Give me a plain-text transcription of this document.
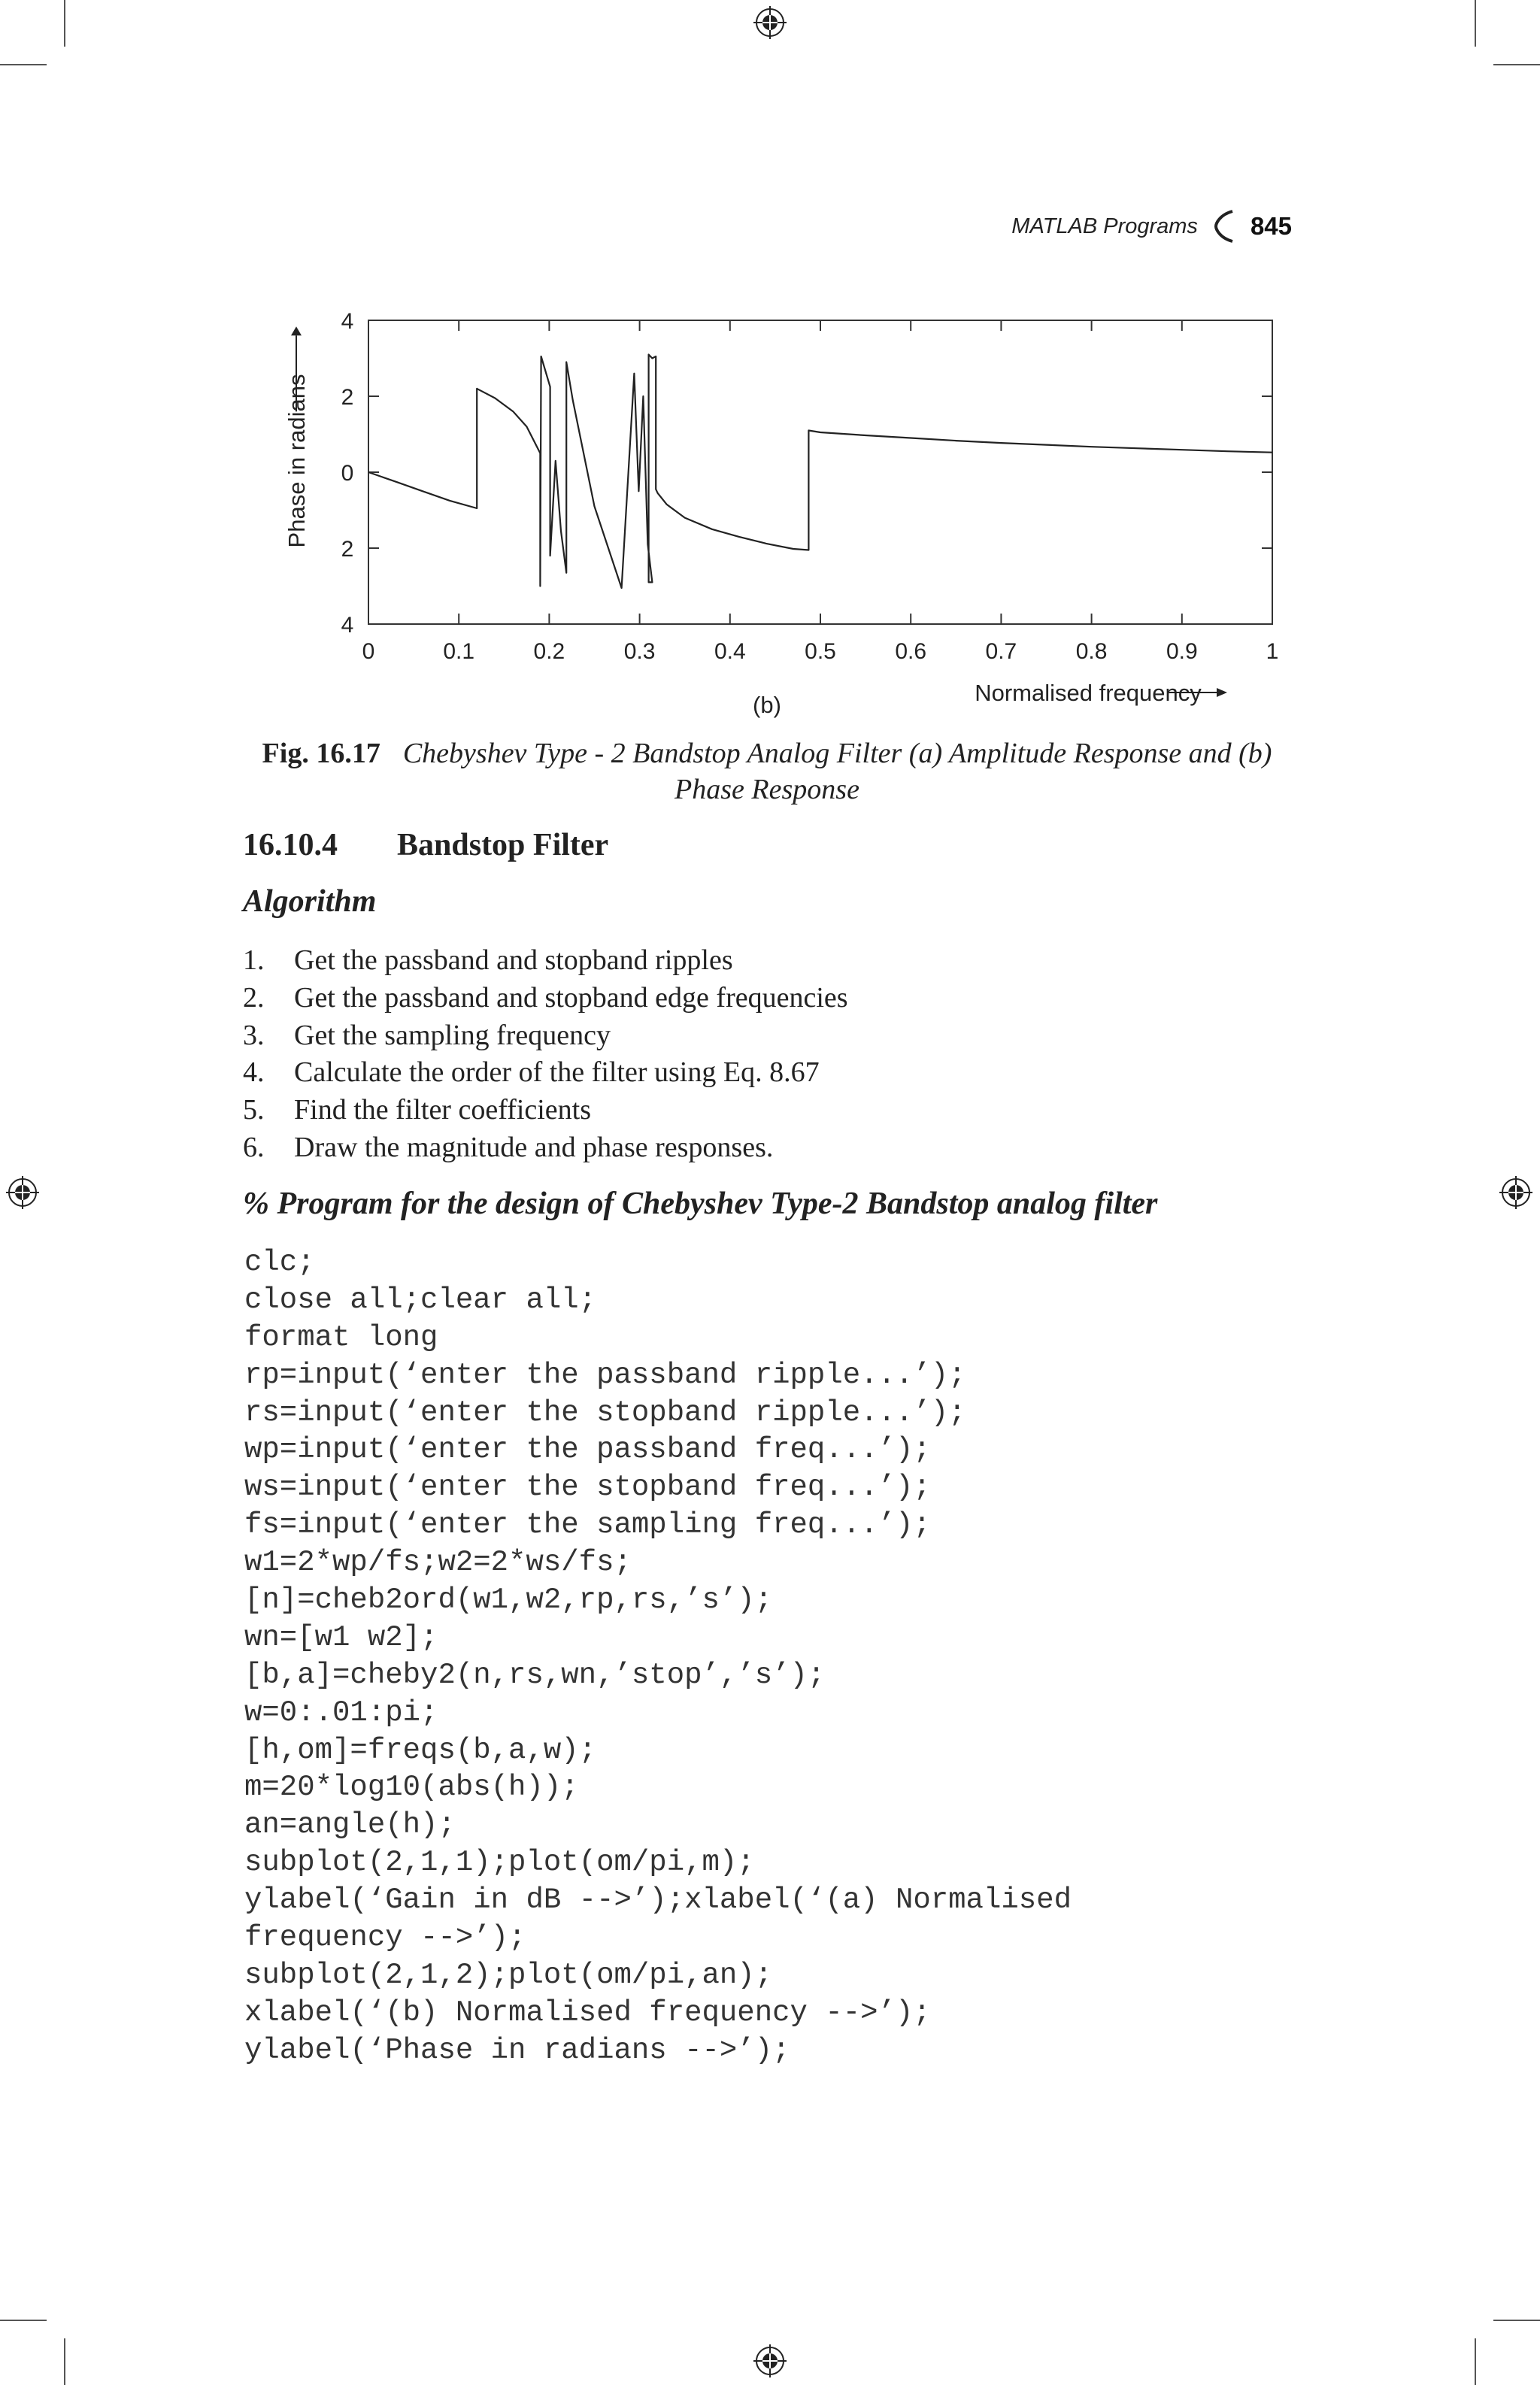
MATLAB Programs 845
0	0.1	0.2	0.3	0.4	0.5	0.6	0.7	0.8	0.9	1
4
2
0
2
4
Phase in radians
(b)	Normalised frequency
Fig. 16.17 Chebyshev Type - 2 Bandstop Analog Filter (a) Amplitude Response and (b) Phase Response
16.10.4 Bandstop Filter
Algorithm
1.	Get the passband and stopband ripples
2.	Get the passband and stopband edge frequencies
3.	Get the sampling frequency
4.	Calculate the order of the filter using Eq. 8.67
5.	Find the filter coefficients
6.	Draw the magnitude and phase responses.
% Program for the design of Chebyshev Type-2 Bandstop analog filter
clc;
close all;clear all;
format long
rp=input(‘enter the passband ripple...’);
rs=input(‘enter the stopband ripple...’);
wp=input(‘enter the passband freq...’);
ws=input(‘enter the stopband freq...’);
fs=input(‘enter the sampling freq...’);
w1=2*wp/fs;w2=2*ws/fs;
[n]=cheb2ord(w1,w2,rp,rs,’s’);
wn=[w1 w2];
[b,a]=cheby2(n,rs,wn,’stop’,’s’);
w=0:.01:pi;
[h,om]=freqs(b,a,w);
m=20*log10(abs(h));
an=angle(h);
subplot(2,1,1);plot(om/pi,m);
ylabel(‘Gain in dB -->’);xlabel(‘(a) Normalised
frequency -->’);
subplot(2,1,2);plot(om/pi,an);
xlabel(‘(b) Normalised frequency -->’);
ylabel(‘Phase in radians -->’);
